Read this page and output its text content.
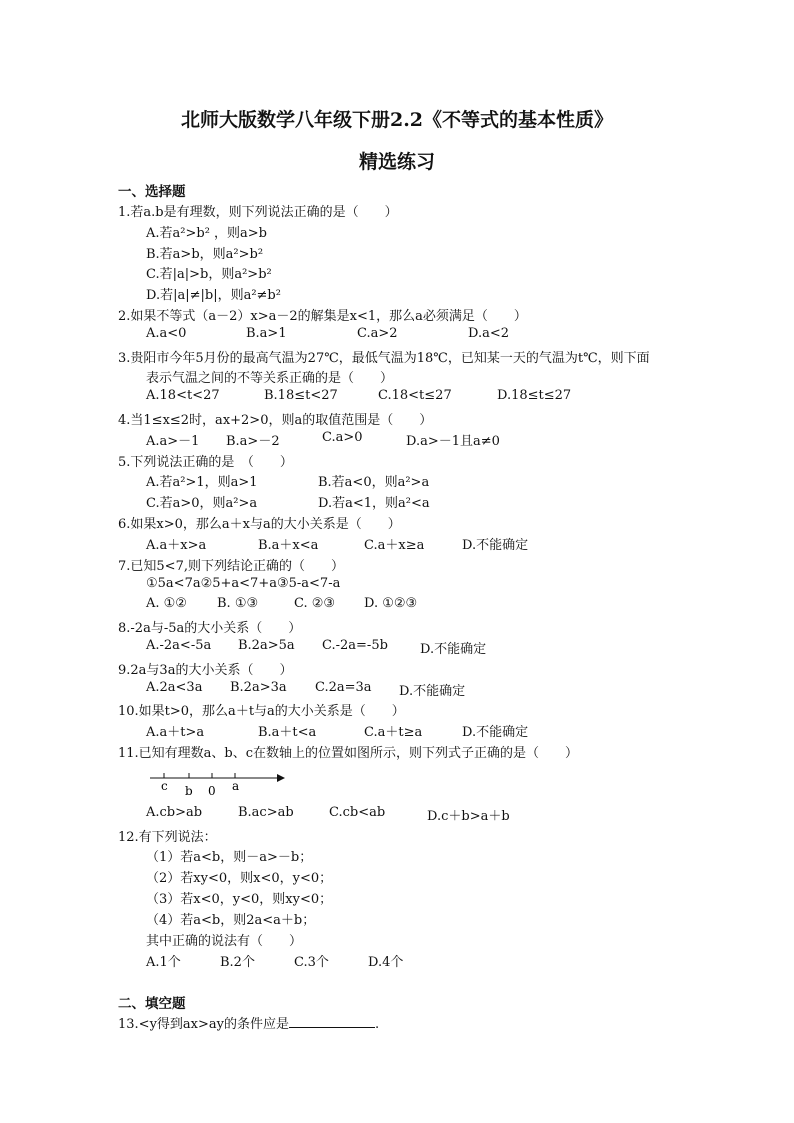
北师大版数学八年级下册2.2《不等式的基本性质》
精选练习
一、选择题
1.若a.b是有理数，则下列说法正确的是（　　）
A.若a²>b² ，则a>b
B.若a>b，则a²>b²
C.若|a|>b，则a²>b²
D.若|a|≠|b|，则a²≠b²
2.如果不等式（a－2）x>a－2的解集是x<1，那么a必须满足（　　）
A.a<0	B.a>1	C.a>2	D.a<2
3.贵阳市今年5月份的最高气温为27℃，最低气温为18℃，已知某一天的气温为t℃，则下面
表示气温之间的不等关系正确的是（　　）
A.18<t<27	B.18≤t<27	C.18<t≤27	D.18≤t≤27
4.当1≤x≤2时，ax+2>0，则a的取值范围是（　　）
A.a>－1 B.a>－2	C.a>0	D.a>－1且a≠0
5.下列说法正确的是　（　　）
A.若a²>1，则a>1	B.若a<0，则a²>a
C.若a>0，则a²>a	D.若a<1，则a²<a
6.如果x>0，那么a＋x与a的大小关系是（　　）
A.a＋x>a	B.a＋x<a	C.a＋x≥a	D.不能确定
7.已知5<7,则下列结论正确的（　　）
①5a<7a②5+a<7+a③5-a<7-a
A. ①② B. ①③	C. ②③ D. ①②③
8.-2a与-5a的大小关系（　　）
A.-2a<-5a B.2a>5a C.-2a=-5b D.不能确定
9.2a与3a的大小关系（　　）
A.2a<3a B.2a>3a C.2a=3a D.不能确定
10.如果t>0，那么a＋t与a的大小关系是（　　）
A.a＋t>a	B.a＋t<a	C.a＋t≥a	D.不能确定
11.已知有理数a、b、c在数轴上的位置如图所示，则下列式子正确的是（　　）
c b 0 a
A.cb>ab	B.ac>ab	C.cb<ab	D.c＋b>a＋b
12.有下列说法：
（1）若a<b，则－a>－b；
（2）若xy<0，则x<0，y<0；
（3）若x<0，y<0，则xy<0；
（4）若a<b，则2a<a＋b；
其中正确的说法有（　　）
A.1个	B.2个	C.3个	D.4个
二、填空题
13.<y得到ax>ay的条件应是	.
